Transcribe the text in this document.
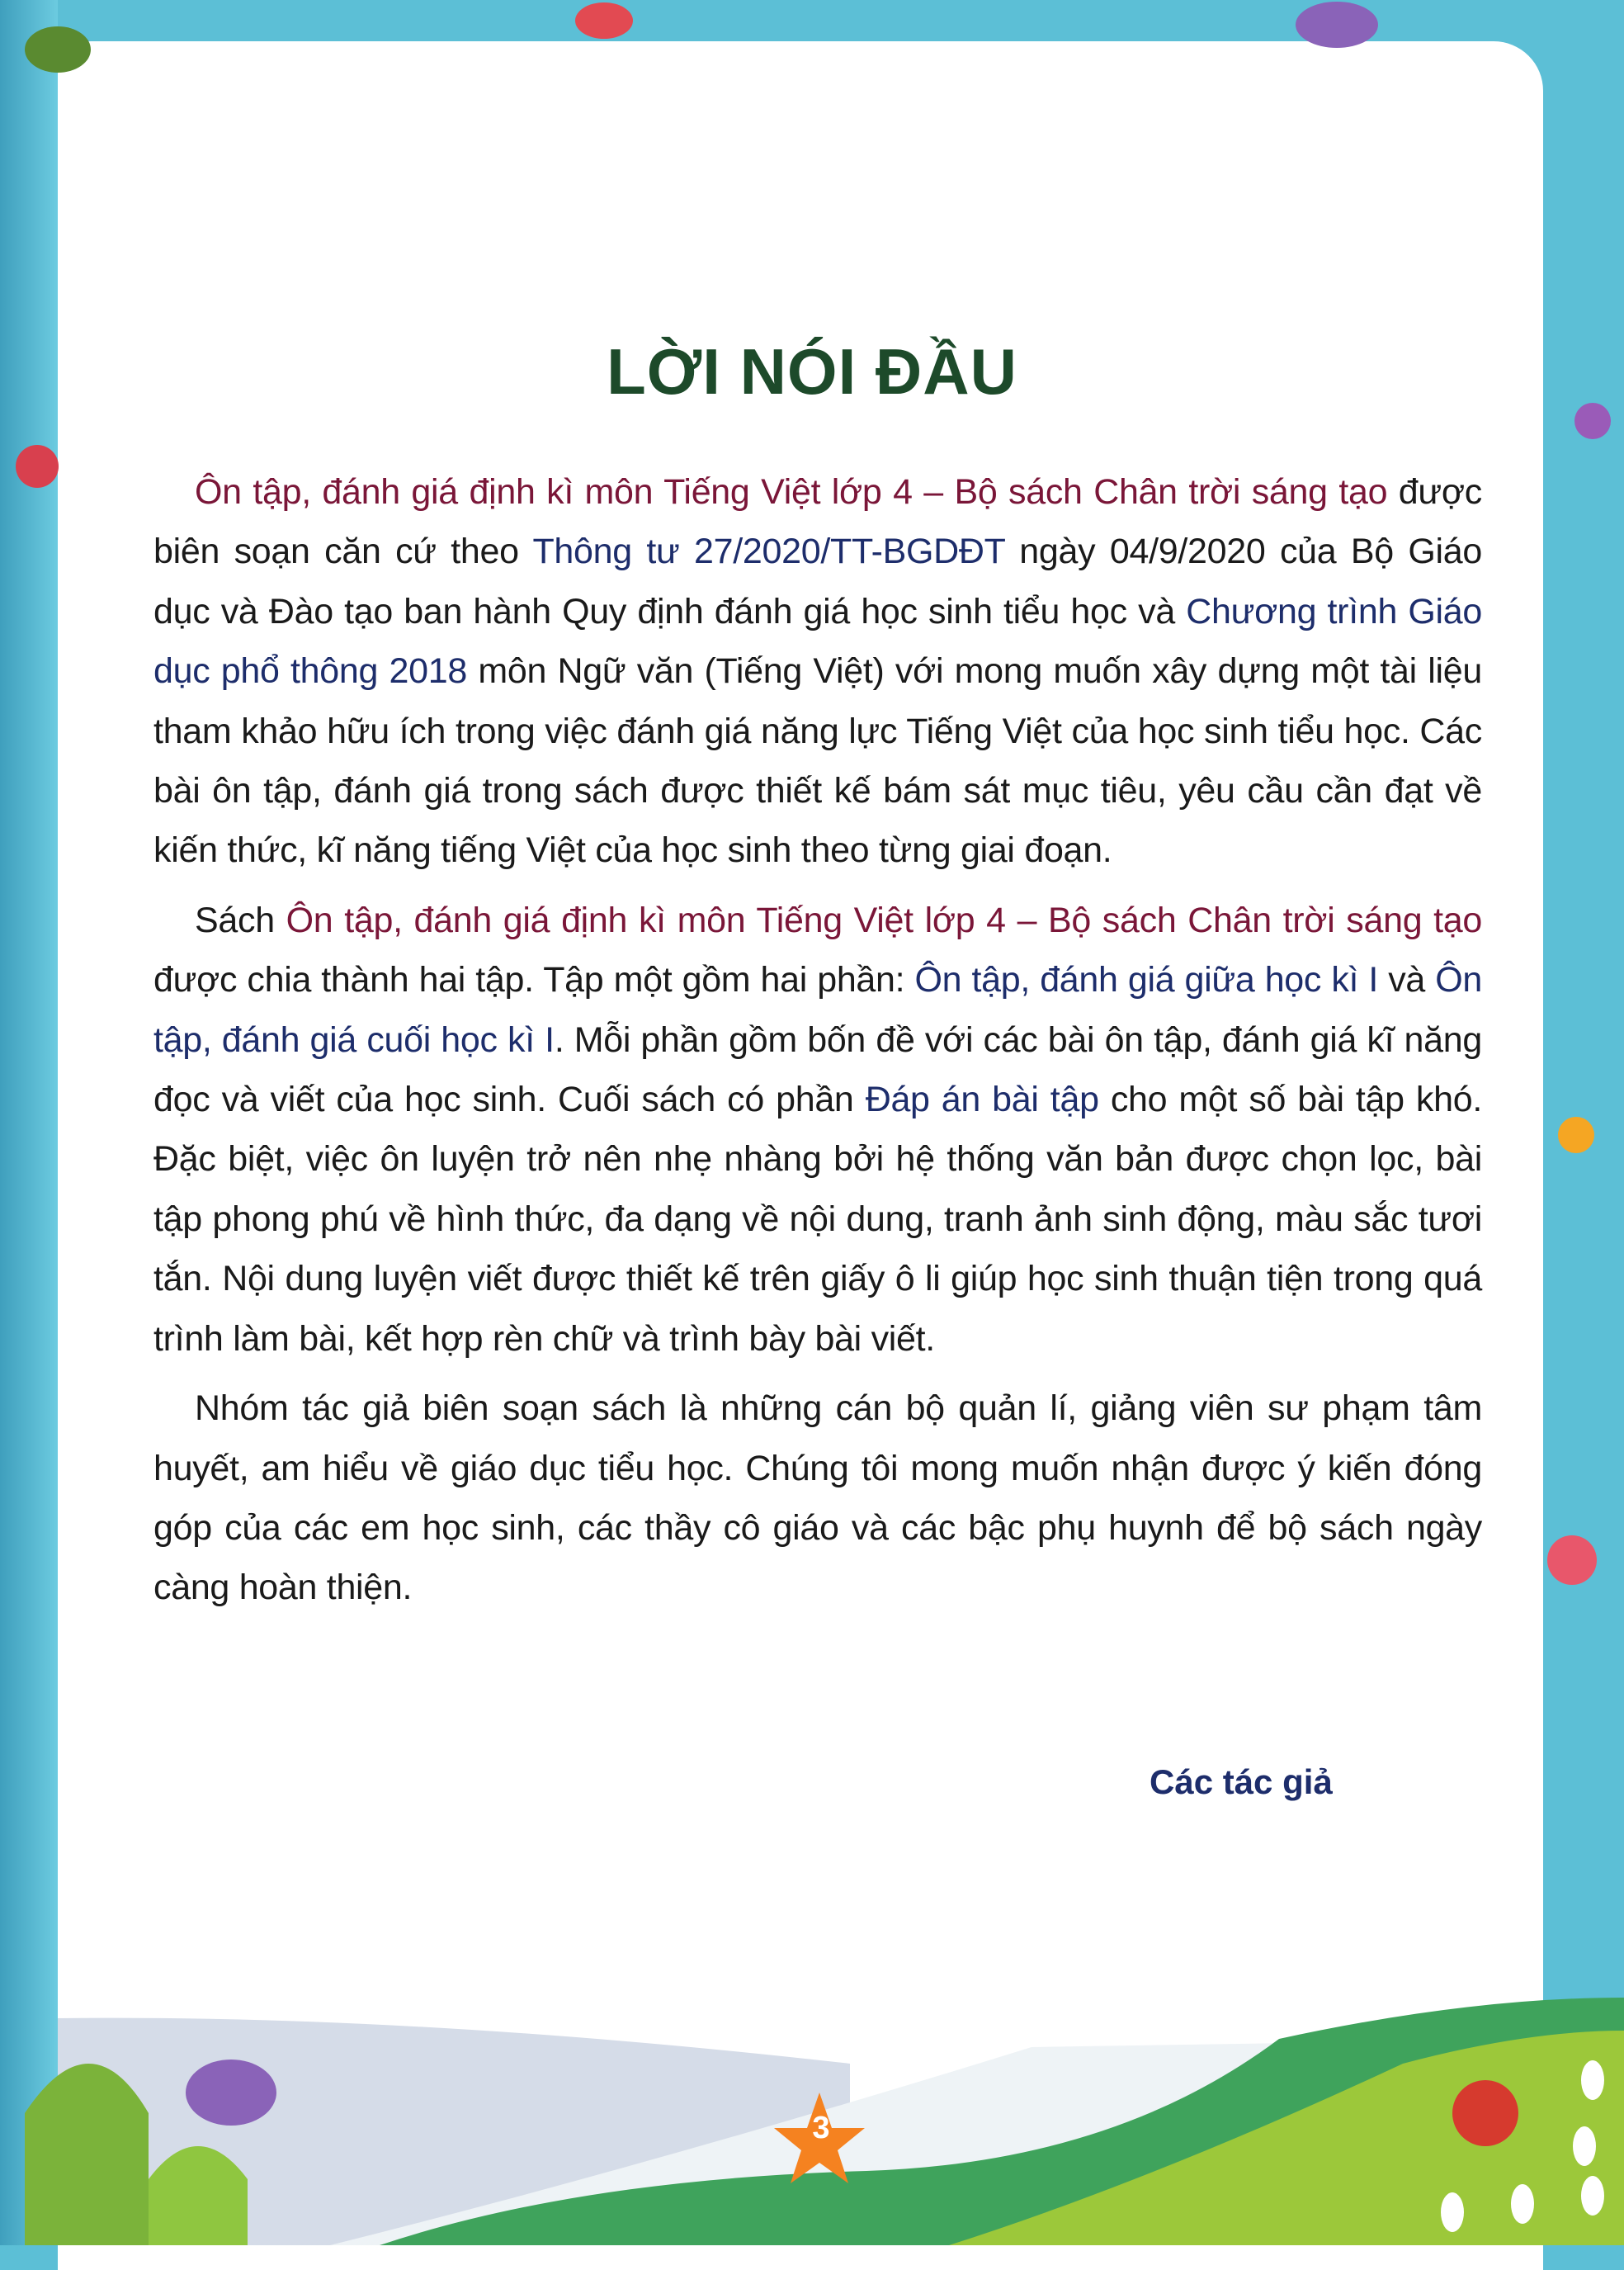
LỜI NÓI ĐẦU

Ôn tập, đánh giá định kì môn Tiếng Việt lớp 4 – Bộ sách Chân trời sáng tạo được biên soạn căn cứ theo Thông tư 27/2020/TT-BGDĐT ngày 04/9/2020 của Bộ Giáo dục và Đào tạo ban hành Quy định đánh giá học sinh tiểu học và Chương trình Giáo dục phổ thông 2018 môn Ngữ văn (Tiếng Việt) với mong muốn xây dựng một tài liệu tham khảo hữu ích trong việc đánh giá năng lực Tiếng Việt của học sinh tiểu học. Các bài ôn tập, đánh giá trong sách được thiết kế bám sát mục tiêu, yêu cầu cần đạt về kiến thức, kĩ năng tiếng Việt của học sinh theo từng giai đoạn.

Sách Ôn tập, đánh giá định kì môn Tiếng Việt lớp 4 – Bộ sách Chân trời sáng tạo được chia thành hai tập. Tập một gồm hai phần: Ôn tập, đánh giá giữa học kì I và Ôn tập, đánh giá cuối học kì I. Mỗi phần gồm bốn đề với các bài ôn tập, đánh giá kĩ năng đọc và viết của học sinh. Cuối sách có phần Đáp án bài tập cho một số bài tập khó. Đặc biệt, việc ôn luyện trở nên nhẹ nhàng bởi hệ thống văn bản được chọn lọc, bài tập phong phú về hình thức, đa dạng về nội dung, tranh ảnh sinh động, màu sắc tươi tắn. Nội dung luyện viết được thiết kế trên giấy ô li giúp học sinh thuận tiện trong quá trình làm bài, kết hợp rèn chữ và trình bày bài viết.

Nhóm tác giả biên soạn sách là những cán bộ quản lí, giảng viên sư phạm tâm huyết, am hiểu về giáo dục tiểu học. Chúng tôi mong muốn nhận được ý kiến đóng góp của các em học sinh, các thầy cô giáo và các bậc phụ huynh để bộ sách ngày càng hoàn thiện.

Các tác giả
3
